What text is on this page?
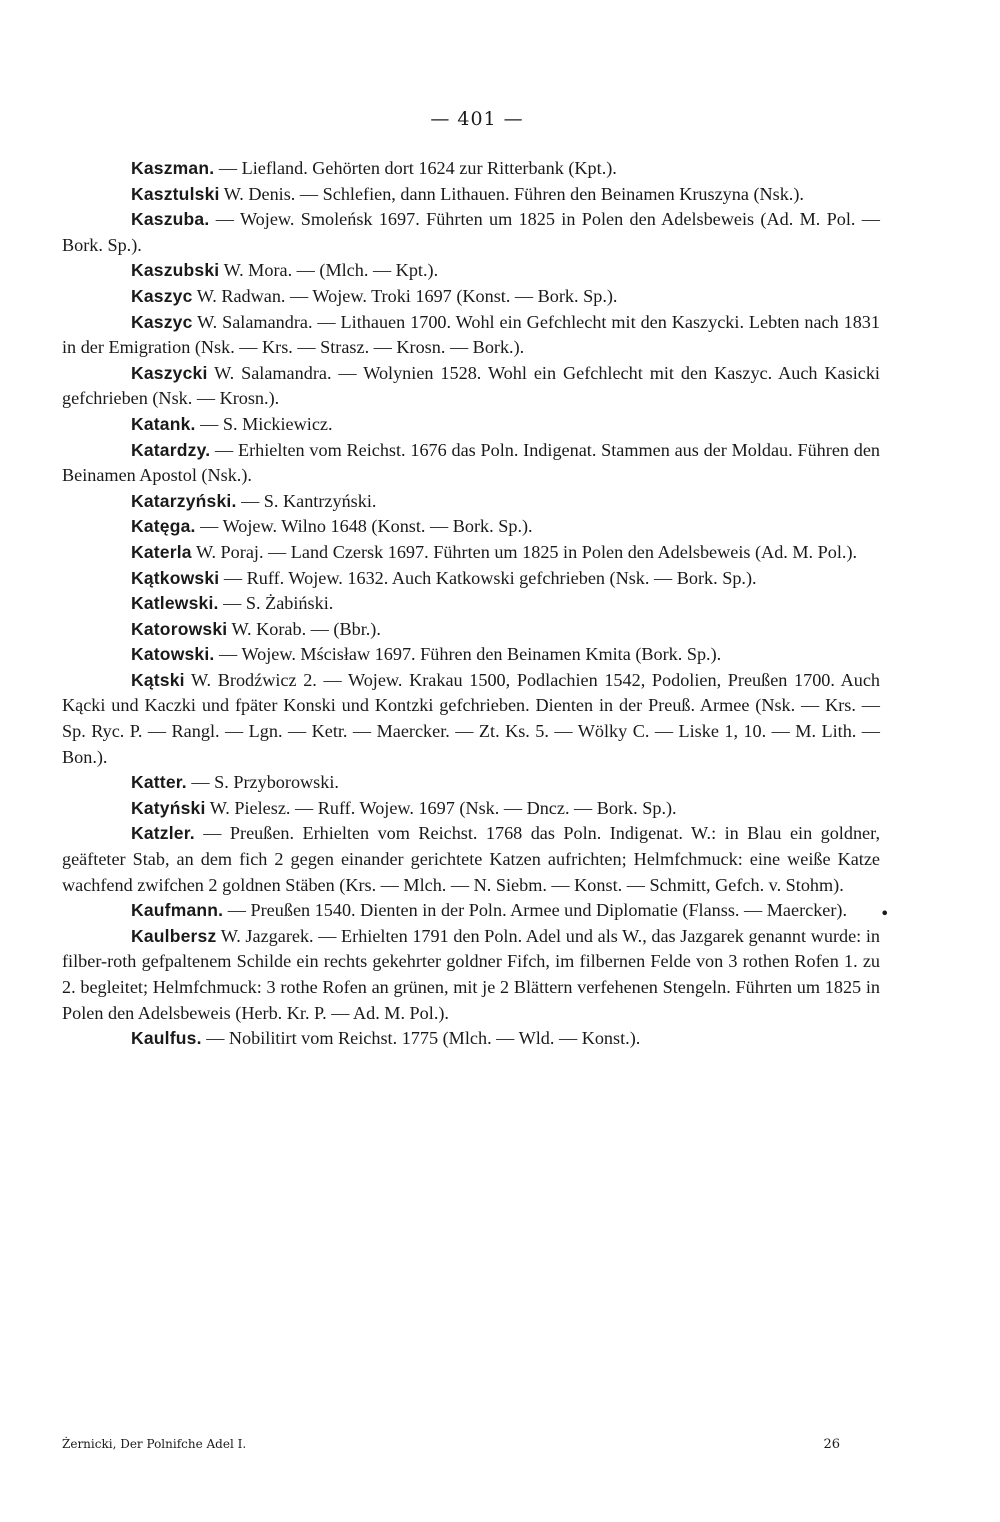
— 401 —

Kaszman. — Liefland. Gehörten dort 1624 zur Ritterbank (Kpt.).

Kasztulski W. Denis. — Schlefien, dann Lithauen. Führen den Beinamen Kruszyna (Nsk.).

Kaszuba. — Wojew. Smoleńsk 1697. Führten um 1825 in Polen den Adelsbeweis (Ad. M. Pol. — Bork. Sp.).

Kaszubski W. Mora. — (Mlch. — Kpt.).

Kaszyc W. Radwan. — Wojew. Troki 1697 (Konst. — Bork. Sp.).

Kaszyc W. Salamandra. — Lithauen 1700. Wohl ein Gefchlecht mit den Kaszycki. Lebten nach 1831 in der Emigration (Nsk. — Krs. — Strasz. — Krosn. — Bork.).

Kaszycki W. Salamandra. — Wolynien 1528. Wohl ein Gefchlecht mit den Kaszyc. Auch Kasicki gefchrieben (Nsk. — Krosn.).

Katank. — S. Mickiewicz.

Katardzy. — Erhielten vom Reichst. 1676 das Poln. Indigenat. Stammen aus der Moldau. Führen den Beinamen Apostol (Nsk.).

Katarzyński. — S. Kantrzyński.

Katęga. — Wojew. Wilno 1648 (Konst. — Bork. Sp.).

Katerla W. Poraj. — Land Czersk 1697. Führten um 1825 in Polen den Adelsbeweis (Ad. M. Pol.).

Kątkowski — Ruff. Wojew. 1632. Auch Katkowski gefchrieben (Nsk. — Bork. Sp.).

Katlewski. — S. Żabiński.

Katorowski W. Korab. — (Bbr.).

Katowski. — Wojew. Mścisław 1697. Führen den Beinamen Kmita (Bork. Sp.).

Kątski W. Brodźwicz 2. — Wojew. Krakau 1500, Podlachien 1542, Podolien, Preußen 1700. Auch Kącki und Kaczki und fpäter Konski und Kontzki gefchrieben. Dienten in der Preuß. Armee (Nsk. — Krs. — Sp. Ryc. P. — Rangl. — Lgn. — Ketr. — Maercker. — Zt. Ks. 5. — Wölky C. — Liske 1, 10. — M. Lith. — Bon.).

Katter. — S. Przyborowski.

Katyński W. Pielesz. — Ruff. Wojew. 1697 (Nsk. — Dncz. — Bork. Sp.).

Katzler. — Preußen. Erhielten vom Reichst. 1768 das Poln. Indigenat. W.: in Blau ein goldner, geäfteter Stab, an dem fich 2 gegen einander gerichtete Katzen aufrichten; Helmfchmuck: eine weiße Katze wachfend zwifchen 2 goldnen Stäben (Krs. — Mlch. — N. Siebm. — Konst. — Schmitt, Gefch. v. Stohm).

Kaufmann. — Preußen 1540. Dienten in der Poln. Armee und Diplomatie (Flanss. — Maercker).

Kaulbersz W. Jazgarek. — Erhielten 1791 den Poln. Adel und als W., das Jazgarek genannt wurde: in filber-roth gefpaltenem Schilde ein rechts gekehrter goldner Fifch, im filbernen Felde von 3 rothen Rofen 1. zu 2. begleitet; Helmfchmuck: 3 rothe Rofen an grünen, mit je 2 Blättern verfehenen Stengeln. Führten um 1825 in Polen den Adelsbeweis (Herb. Kr. P. — Ad. M. Pol.).

Kaulfus. — Nobilitirt vom Reichst. 1775 (Mlch. — Wld. — Konst.).

•
Żernicki, Der Polnifche Adel I.	26
